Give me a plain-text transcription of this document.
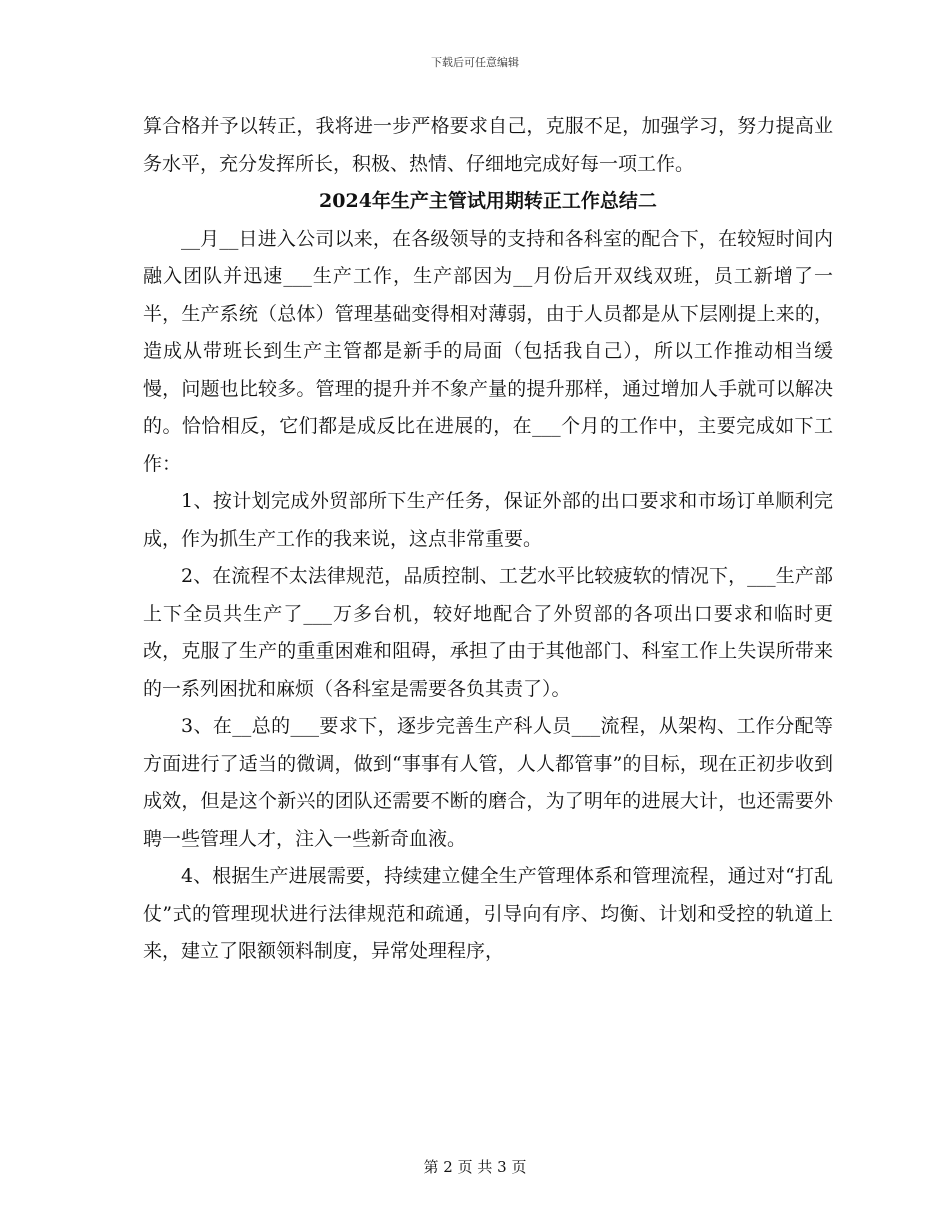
下载后可任意编辑

算合格并予以转正，我将进一步严格要求自己，克服不足，加强学习，努力提高业务水平，充分发挥所长，积极、热情、仔细地完成好每一项工作。

2024年生产主管试用期转正工作总结二

__月__日进入公司以来，在各级领导的支持和各科室的配合下，在较短时间内融入团队并迅速___生产工作，生产部因为__月份后开双线双班，员工新增了一半，生产系统（总体）管理基础变得相对薄弱，由于人员都是从下层刚提上来的，造成从带班长到生产主管都是新手的局面（包括我自己），所以工作推动相当缓慢，问题也比较多。管理的提升并不象产量的提升那样，通过增加人手就可以解决的。恰恰相反，它们都是成反比在进展的，在___个月的工作中，主要完成如下工作：

1、按计划完成外贸部所下生产任务，保证外部的出口要求和市场订单顺利完成，作为抓生产工作的我来说，这点非常重要。

2、在流程不太法律规范，品质控制、工艺水平比较疲软的情况下，___生产部上下全员共生产了___万多台机，较好地配合了外贸部的各项出口要求和临时更改，克服了生产的重重困难和阻碍，承担了由于其他部门、科室工作上失误所带来的一系列困扰和麻烦（各科室是需要各负其责了）。

3、在__总的___要求下，逐步完善生产科人员___流程，从架构、工作分配等方面进行了适当的微调，做到“事事有人管，人人都管事”的目标，现在正初步收到成效，但是这个新兴的团队还需要不断的磨合，为了明年的进展大计，也还需要外聘一些管理人才，注入一些新奇血液。

4、根据生产进展需要，持续建立健全生产管理体系和管理流程，通过对“打乱仗”式的管理现状进行法律规范和疏通，引导向有序、均衡、计划和受控的轨道上来，建立了限额领料制度，异常处理程序，

第 2 页 共 3 页
